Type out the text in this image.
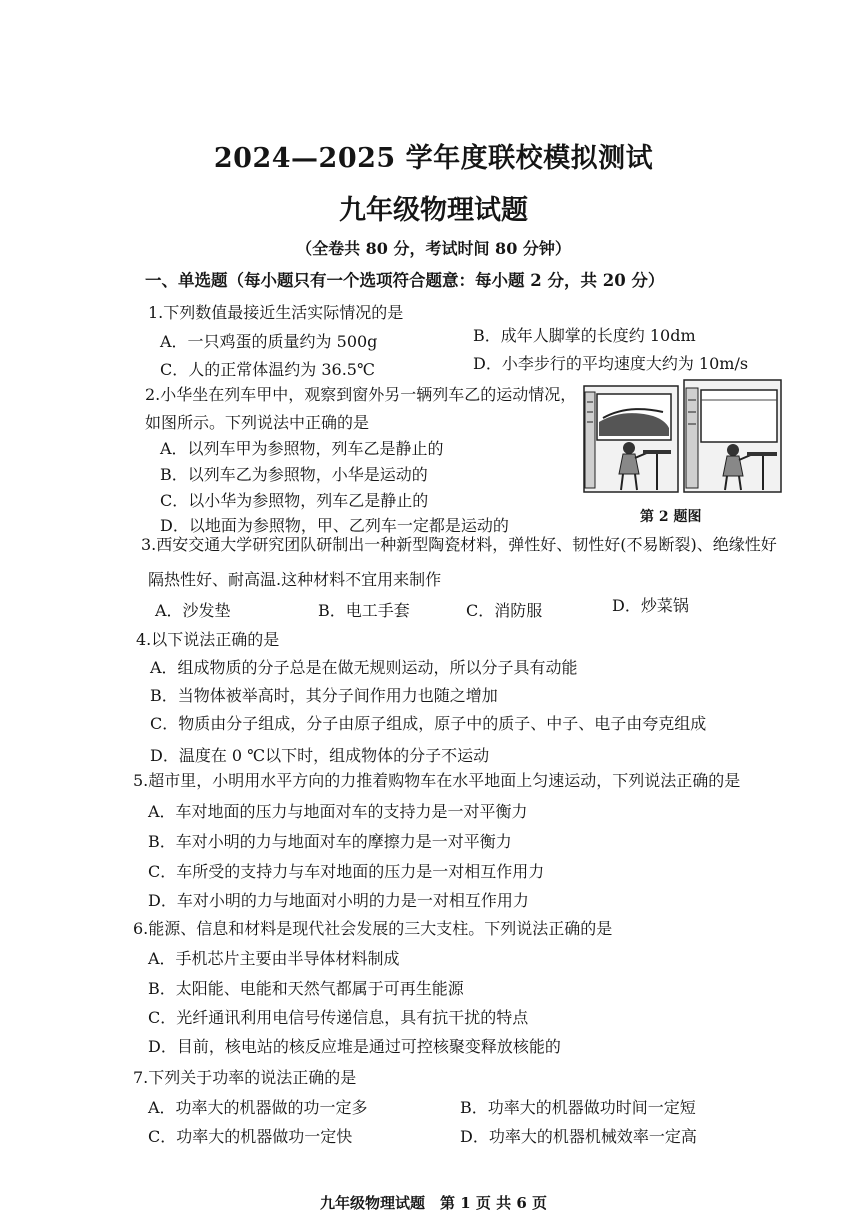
2024—2025 学年度联校模拟测试
九年级物理试题
（全卷共 80 分，考试时间 80 分钟）
一、单选题（每小题只有一个选项符合题意：每小题 2 分，共 20 分）
1.下列数值最接近生活实际情况的是
A．一只鸡蛋的质量约为 500g	B．成年人脚掌的长度约 10dm
C．人的正常体温约为 36.5℃	D．小李步行的平均速度大约为 10m/s
2.小华坐在列车甲中，观察到窗外另一辆列车乙的运动情况，
如图所示。下列说法中正确的是
A．以列车甲为参照物，列车乙是静止的
B．以列车乙为参照物，小华是运动的
C．以小华为参照物，列车乙是静止的
D．以地面为参照物，甲、乙列车一定都是运动的	第 2 题图
3.西安交通大学研究团队研制出一种新型陶瓷材料，弹性好、韧性好(不易断裂)、绝缘性好
隔热性好、耐高温.这种材料不宜用来制作
A．沙发垫	B．电工手套	C．消防服	D．炒菜锅
4.以下说法正确的是
A．组成物质的分子总是在做无规则运动，所以分子具有动能
B．当物体被举高时，其分子间作用力也随之增加
C．物质由分子组成，分子由原子组成，原子中的质子、中子、电子由夸克组成
D．温度在 0 ℃以下时，组成物体的分子不运动
5.超市里，小明用水平方向的力推着购物车在水平地面上匀速运动，下列说法正确的是
A．车对地面的压力与地面对车的支持力是一对平衡力
B．车对小明的力与地面对车的摩擦力是一对平衡力
C．车所受的支持力与车对地面的压力是一对相互作用力
D．车对小明的力与地面对小明的力是一对相互作用力
6.能源、信息和材料是现代社会发展的三大支柱。下列说法正确的是
A．手机芯片主要由半导体材料制成
B．太阳能、电能和天然气都属于可再生能源
C．光纤通讯利用电信号传递信息，具有抗干扰的特点
D．目前，核电站的核反应堆是通过可控核聚变释放核能的
7.下列关于功率的说法正确的是
A．功率大的机器做的功一定多	B．功率大的机器做功时间一定短
C．功率大的机器做功一定快	D．功率大的机器机械效率一定高
九年级物理试题　第 1 页 共 6 页
